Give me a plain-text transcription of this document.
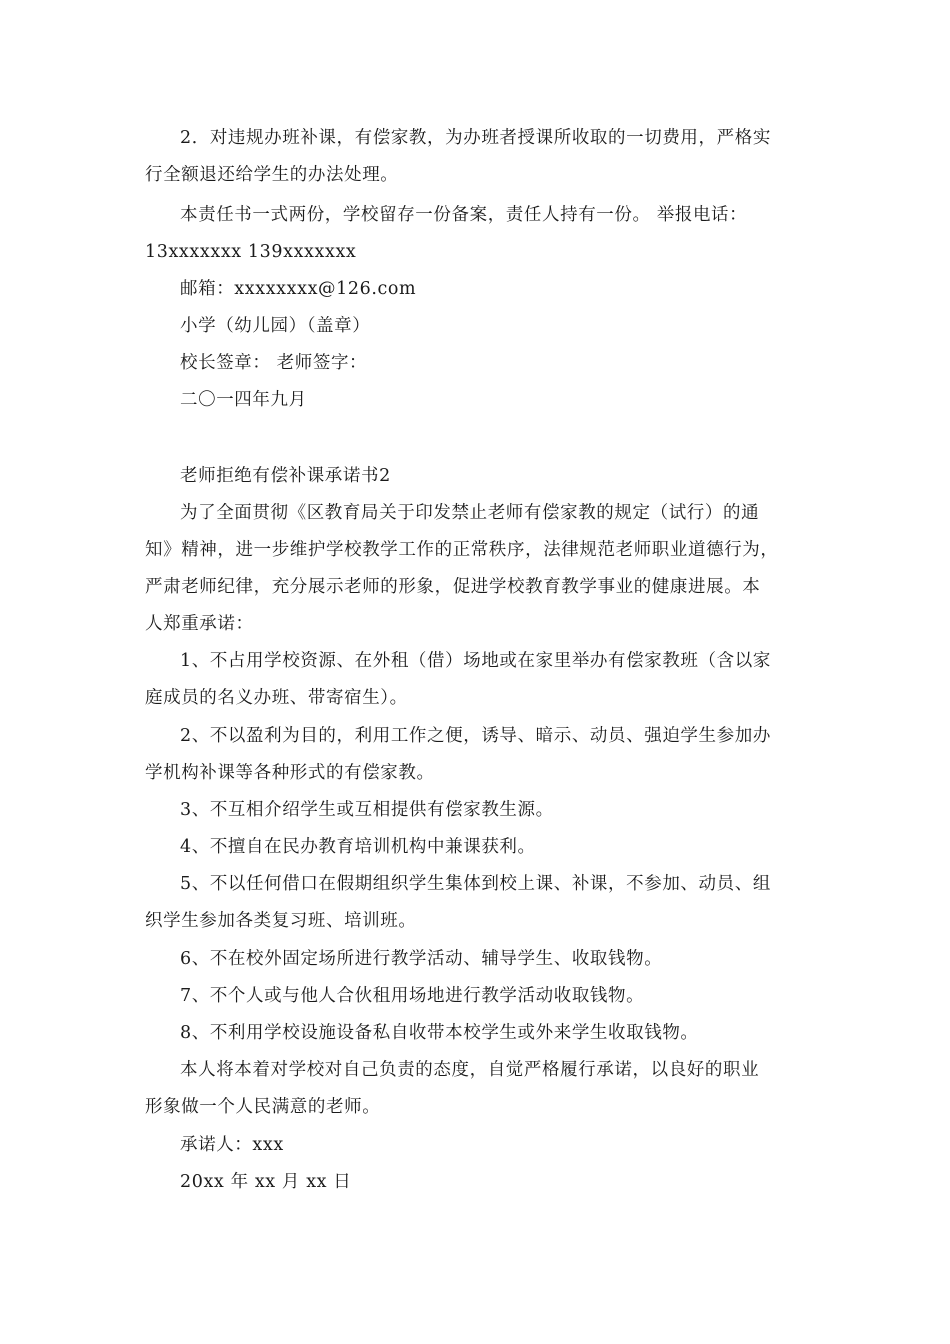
2．对违规办班补课，有偿家教，为办班者授课所收取的一切费用，严格实
行全额退还给学生的办法处理。
本责任书一式两份，学校留存一份备案，责任人持有一份。 举报电话：
13xxxxxxx 139xxxxxxx
邮箱：xxxxxxxx@126.com
小学（幼儿园）（盖章）
校长签章： 老师签字：
二〇一四年九月
老师拒绝有偿补课承诺书2
为了全面贯彻《区教育局关于印发禁止老师有偿家教的规定（试行）的通
知》精神，进一步维护学校教学工作的正常秩序，法律规范老师职业道德行为，
严肃老师纪律，充分展示老师的形象，促进学校教育教学事业的健康进展。本
人郑重承诺：
1、不占用学校资源、在外租（借）场地或在家里举办有偿家教班（含以家
庭成员的名义办班、带寄宿生）。
2、不以盈利为目的，利用工作之便，诱导、暗示、动员、强迫学生参加办
学机构补课等各种形式的有偿家教。
3、不互相介绍学生或互相提供有偿家教生源。
4、不擅自在民办教育培训机构中兼课获利。
5、不以任何借口在假期组织学生集体到校上课、补课，不参加、动员、组
织学生参加各类复习班、培训班。
6、不在校外固定场所进行教学活动、辅导学生、收取钱物。
7、不个人或与他人合伙租用场地进行教学活动收取钱物。
8、不利用学校设施设备私自收带本校学生或外来学生收取钱物。
本人将本着对学校对自己负责的态度，自觉严格履行承诺，以良好的职业
形象做一个人民满意的老师。
承诺人：xxx
20xx 年 xx 月 xx 日
